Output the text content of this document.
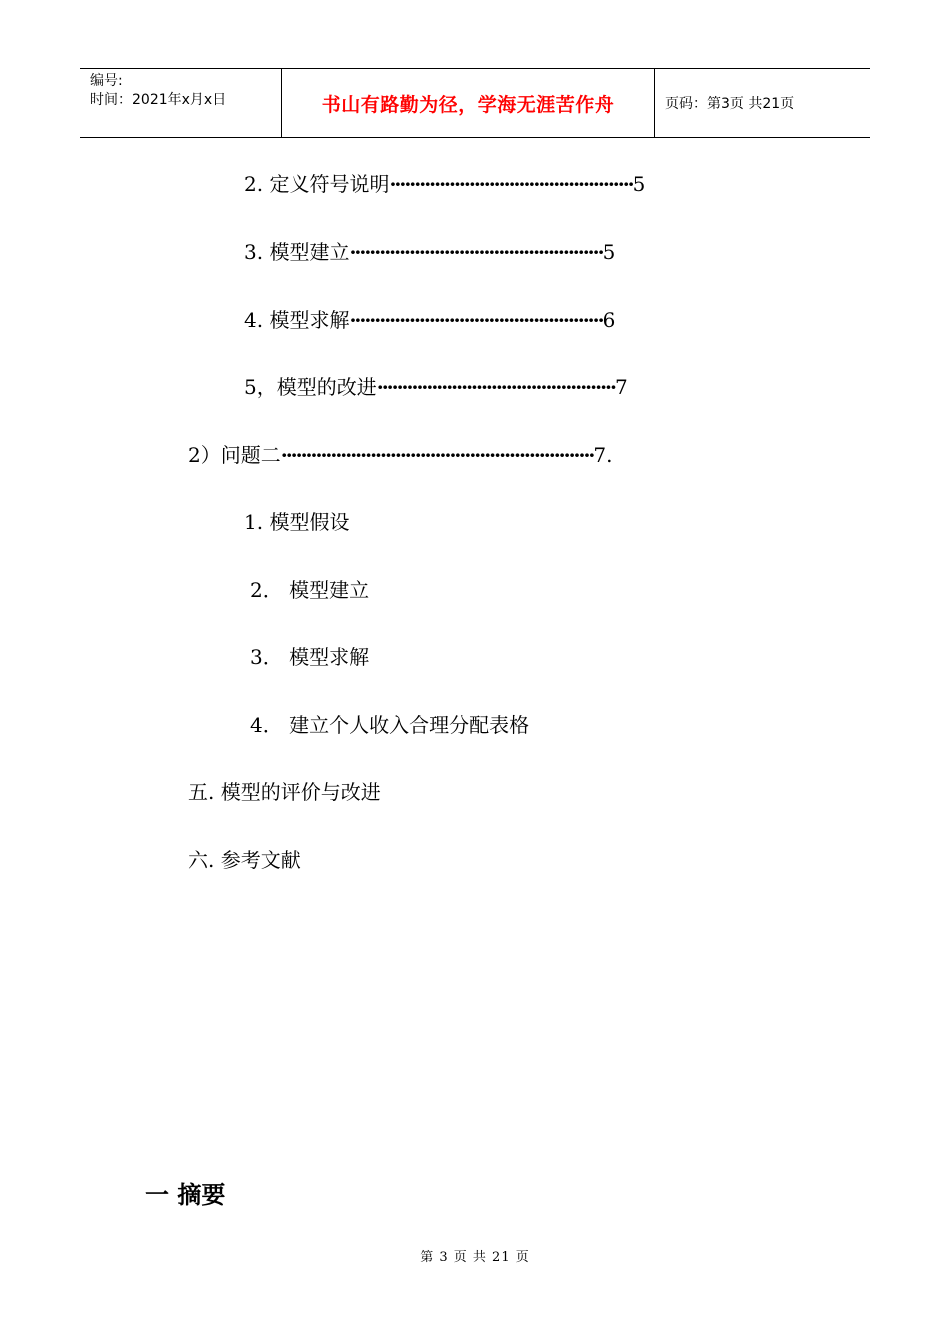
编号:
时间：2021年x月x日	书山有路勤为径，学海无涯苦作舟	页码：第3页 共21页
2. 定义符号说明·················································5
3. 模型建立···················································5
4. 模型求解···················································6
5，模型的改进················································7
2）问题二·······························································7.
1. 模型假设
2． 模型建立
3． 模型求解
4． 建立个人收入合理分配表格
五. 模型的评价与改进
六. 参考文献
一 摘要
第 3 页 共 21 页
